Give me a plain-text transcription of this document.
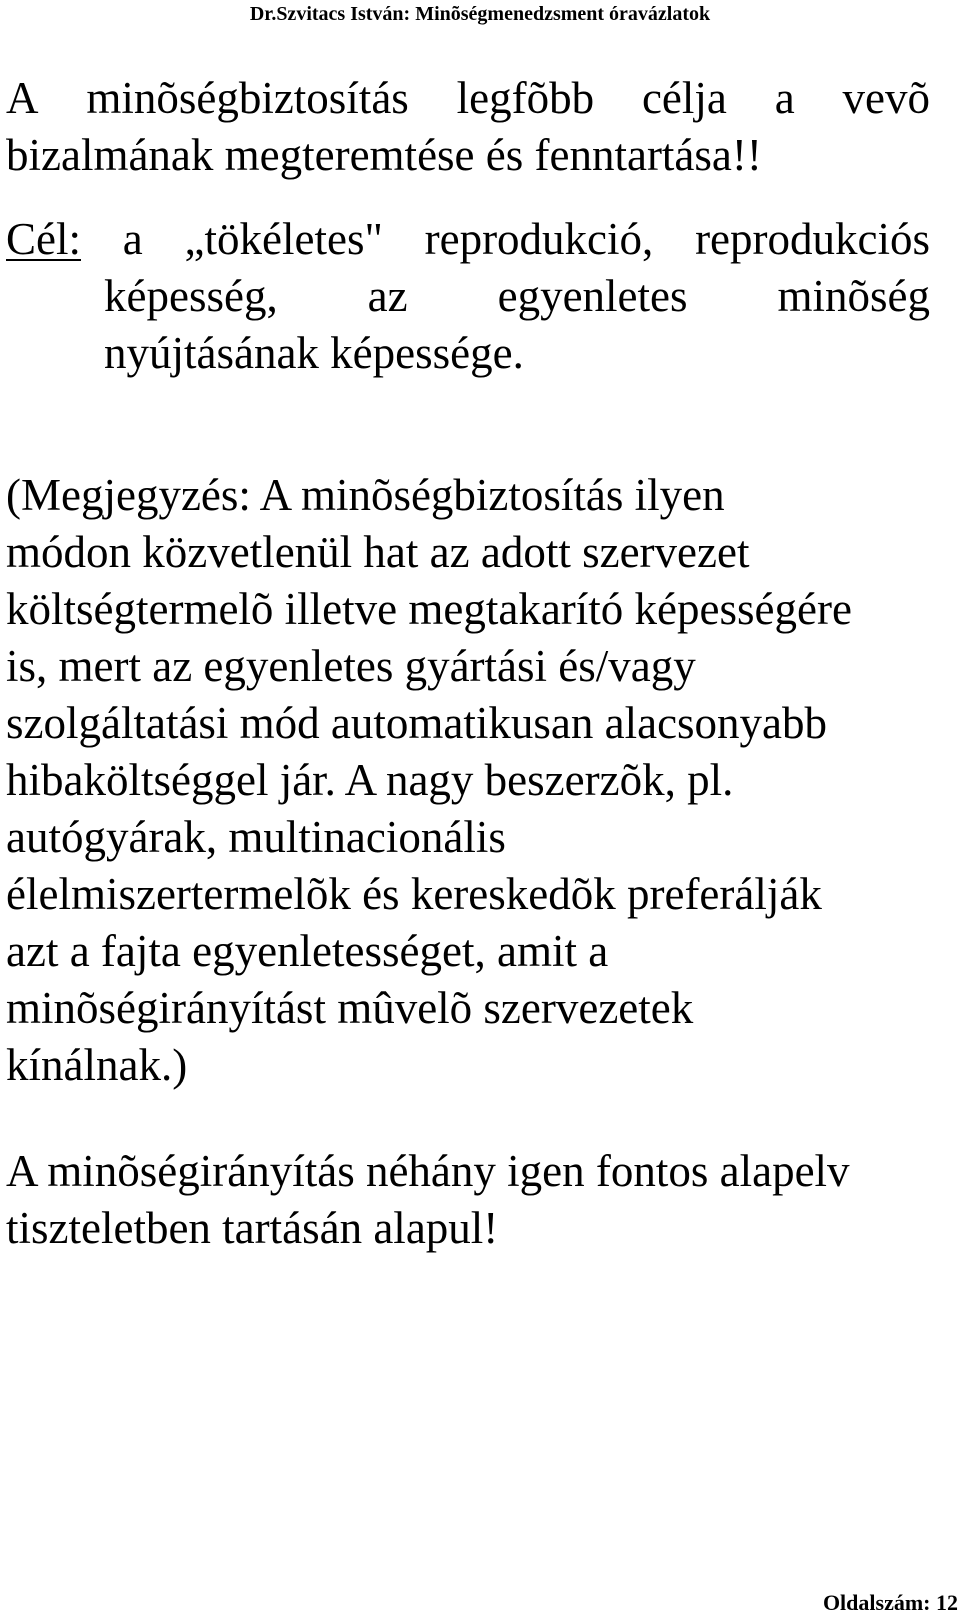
Dr.Szvitacs István: Minõségmenedzsment óravázlatok
A minõségbiztosítás legfõbb célja a vevõ
bizalmának megteremtése és fenntartása!!
Cél: a „tökéletes" reprodukció, reprodukciós
képesség, az egyenletes minõség
nyújtásának képessége.
(Megjegyzés: A minõségbiztosítás ilyen
módon közvetlenül hat az adott szervezet
költségtermelõ illetve megtakarító képességére
is, mert az egyenletes gyártási és/vagy
szolgáltatási mód automatikusan alacsonyabb
hibaköltséggel jár. A nagy beszerzõk, pl.
autógyárak, multinacionális
élelmiszertermelõk és kereskedõk preferálják
azt a fajta egyenletességet, amit a
minõségirányítást mûvelõ szervezetek
kínálnak.)
A minõségirányítás néhány igen fontos alapelv
tiszteletben tartásán alapul!
Oldalszám: 12
